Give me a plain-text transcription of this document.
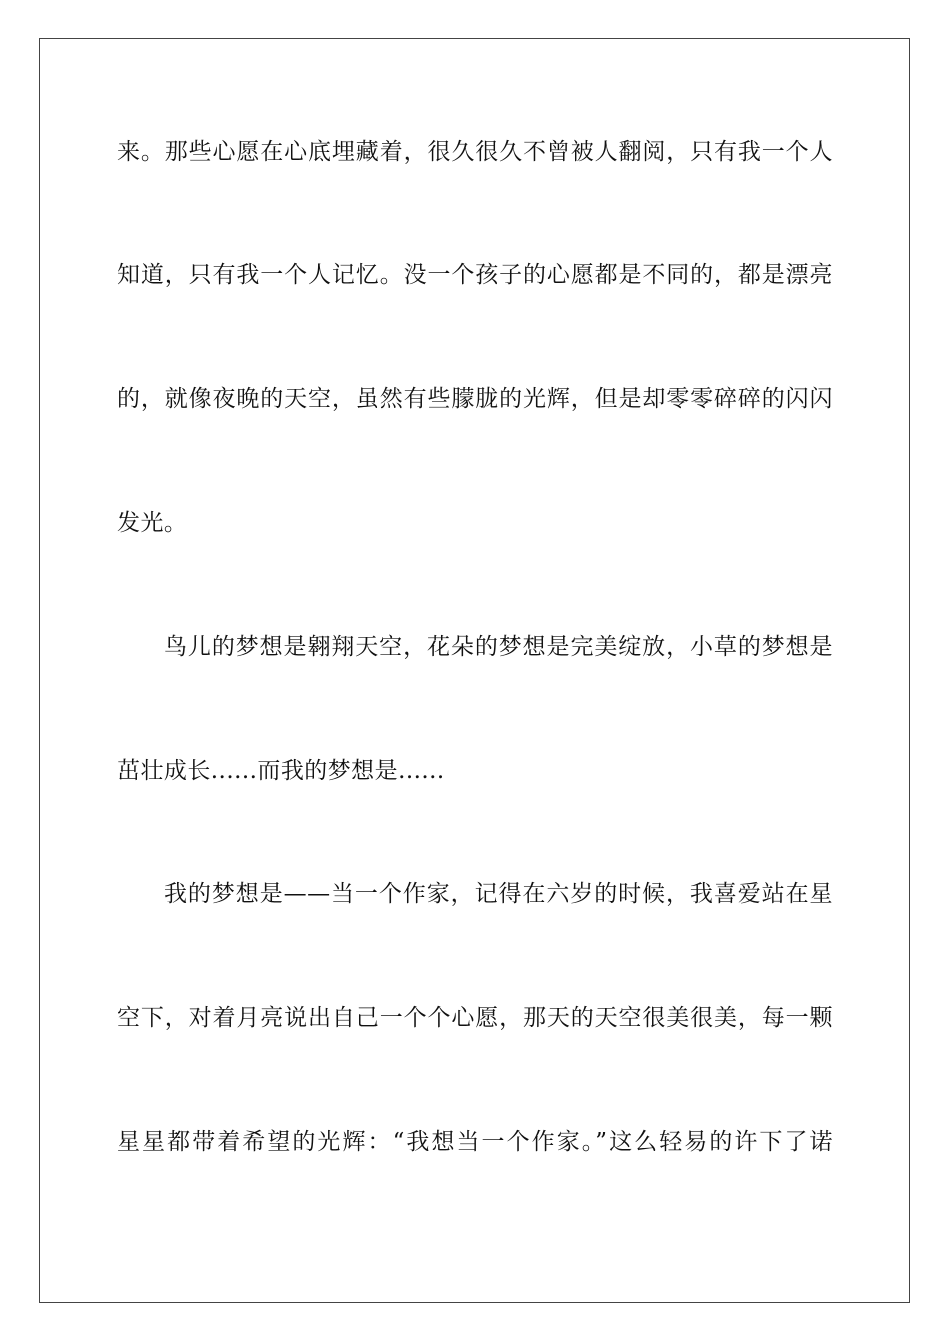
来。那些心愿在心底埋藏着，很久很久不曾被人翻阅，只有我一个人
知道，只有我一个人记忆。没一个孩子的心愿都是不同的，都是漂亮
的，就像夜晚的天空，虽然有些朦胧的光辉，但是却零零碎碎的闪闪
发光。
鸟儿的梦想是翱翔天空，花朵的梦想是完美绽放，小草的梦想是
茁壮成长......而我的梦想是......
我的梦想是——当一个作家，记得在六岁的时候，我喜爱站在星
空下，对着月亮说出自己一个个心愿，那天的天空很美很美，每一颗
星星都带着希望的光辉：“我想当一个作家。”这么轻易的许下了诺
